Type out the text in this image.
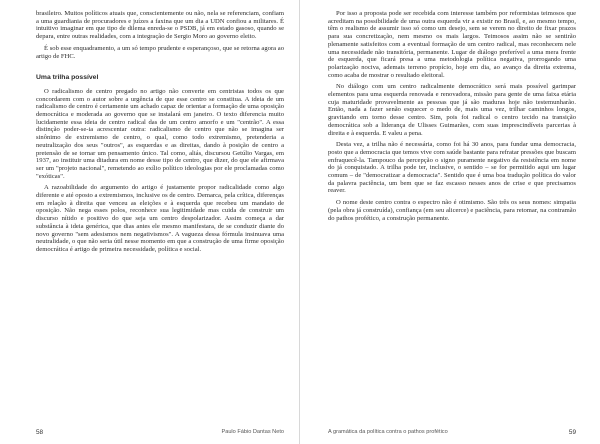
brasileiro. Muitos políticos atuais que, conscientemente ou não, nela se referenciam, confiam a uma guardiania de procuradores e juízes a faxina que um dia a UDN confiou a militares. É intuitivo imaginar em que tipo de dilema enreda-se o PSDB, já em estado gasoso, quando se depara, entre outras realidades, com a integração de Sergio Moro ao governo eleito.

É sob esse enquadramento, a um só tempo prudente e esperançoso, que se retorna agora ao artigo de FHC.

Uma trilha possível

O radicalismo de centro pregado no artigo não converte em centristas todos os que concordarem com o autor sobre a urgência de que esse centro se constitua. A ideia de um radicalismo de centro é certamente um achado capaz de orientar a formação de uma oposição democrática e moderada ao governo que se instalará em janeiro. O texto diferencia muito lucidamente essa ideia de centro radical das de um centro amorfo e um "centrão". A essa distinção poder-se-ia acrescentar outra: radicalismo de centro que não se imagina ser sinônimo de extremismo de centro, o qual, como todo extremismo, pretenderia a neutralização dos seus "outros", as esquerdas e as direitas, dando à posição de centro a pretensão de se tornar um pensamento único. Tal como, aliás, discursou Getúlio Vargas, em 1937, ao instituir uma ditadura em nome desse tipo de centro, que dizer, do que ele afirmava ser um "projeto nacional", remetendo ao exílio político ideologias por ele proclamadas como "exóticas".

A razoabilidade do argumento do artigo é justamente propor radicalidade como algo diferente e até oposto a extremismos, inclusive os de centro. Demarca, pela crítica, diferenças em relação à direita que venceu as eleições e à esquerda que recebeu um mandato de oposição. Não nega esses polos, reconhece sua legitimidade mas cuida de construir um discurso nítido e positivo do que seja um centro despolarizador. Assim começa a dar substância à ideia genérica, que dias antes ele mesmo manifestara, de se conduzir diante do novo governo "sem adesismos nem negativismos". A vagueza dessa fórmula insinuava uma neutralidade, o que não seria útil nesse momento em que a construção de uma firme oposição democrática é artigo de primeira necessidade, política e social.

58	Paulo Fábio Dantas Neto

Por isso a proposta pode ser recebida com interesse também por reformistas teimosos que acreditam na possibilidade de uma outra esquerda vir a existir no Brasil, e, ao mesmo tempo, têm o realismo de assumir isso só como um desejo, sem se verem no direito de fixar prazos para sua concretização, nem mesmo os mais largos. Teimosos assim não se sentirão plenamente satisfeitos com a eventual formação de um centro radical, mas reconhecem nele uma necessidade não transitória, permanente. Lugar de diálogo preferível a uma mera frente de esquerda, que ficará presa a uma metodologia política negativa, prorrogando uma polarização nociva, ademais terreno propício, hoje em dia, ao avanço da direita extrema, como acaba de mostrar o resultado eleitoral.

No diálogo com um centro radicalmente democrático será mais possível garimpar elementos para uma esquerda renovada e renovadora, missão para gente de uma faixa etária cuja maturidade provavelmente as pessoas que já são maduras hoje não testemunharão. Então, nada a fazer senão esquecer o medo de, mais uma vez, trilhar caminhos longos, gravitando em torno desse centro. Sim, pois foi radical o centro tecido na transição democrática sob a liderança de Ulisses Guimarães, com suas imprescindíveis parcerias à direita e à esquerda. E valeu a pena.

Desta vez, a trilha não é necessária, como foi há 30 anos, para fundar uma democracia, posto que a democracia que temos vive com saúde bastante para refratar pressões que buscam enfraquecê-la. Tampouco da percepção o signo puramente negativo da resistência em nome do já conquistado. A trilha pode ter, inclusive, o sentido – se for permitido aqui um lugar comum – de "democratizar a democracia". Sentido que é uma boa tradução política do valor da palavra paciência, um bem que se faz escasso nesses anos de crise e que precisamos reaver.

O nome deste centro contra o espectro não é otimismo. São três os seus nomes: simpatia (pela obra já construída), confiança (em seu alicerce) e paciência, para retomar, na contramão do pathos profético, a construção permanente.

A gramática da política contra o pathos profético	59
